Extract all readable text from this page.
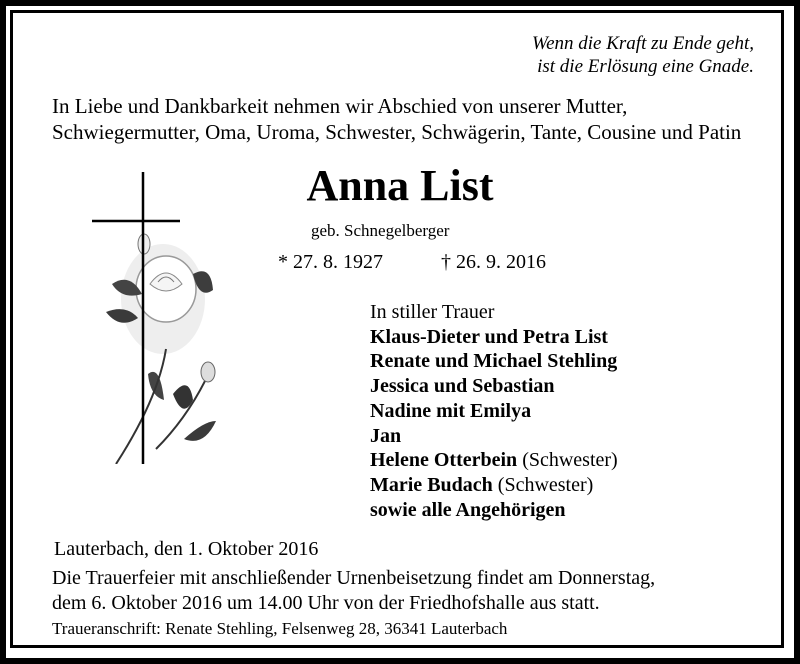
Wenn die Kraft zu Ende geht,
ist die Erlösung eine Gnade.
In Liebe und Dankbarkeit nehmen wir Abschied von unserer Mutter,
Schwiegermutter, Oma, Uroma, Schwester, Schwägerin, Tante, Cousine und Patin
Anna List
geb. Schnegelberger
* 27. 8. 1927	† 26. 9. 2016
In stiller Trauer
Klaus-Dieter und Petra List
Renate und Michael Stehling
Jessica und Sebastian
Nadine mit Emilya
Jan
Helene Otterbein (Schwester)
Marie Budach (Schwester)
sowie alle Angehörigen
Lauterbach, den 1. Oktober 2016
Die Trauerfeier mit anschließender Urnenbeisetzung findet am Donnerstag,
dem 6. Oktober 2016 um 14.00 Uhr von der Friedhofshalle aus statt.
Traueranschrift: Renate Stehling, Felsenweg 28, 36341 Lauterbach
